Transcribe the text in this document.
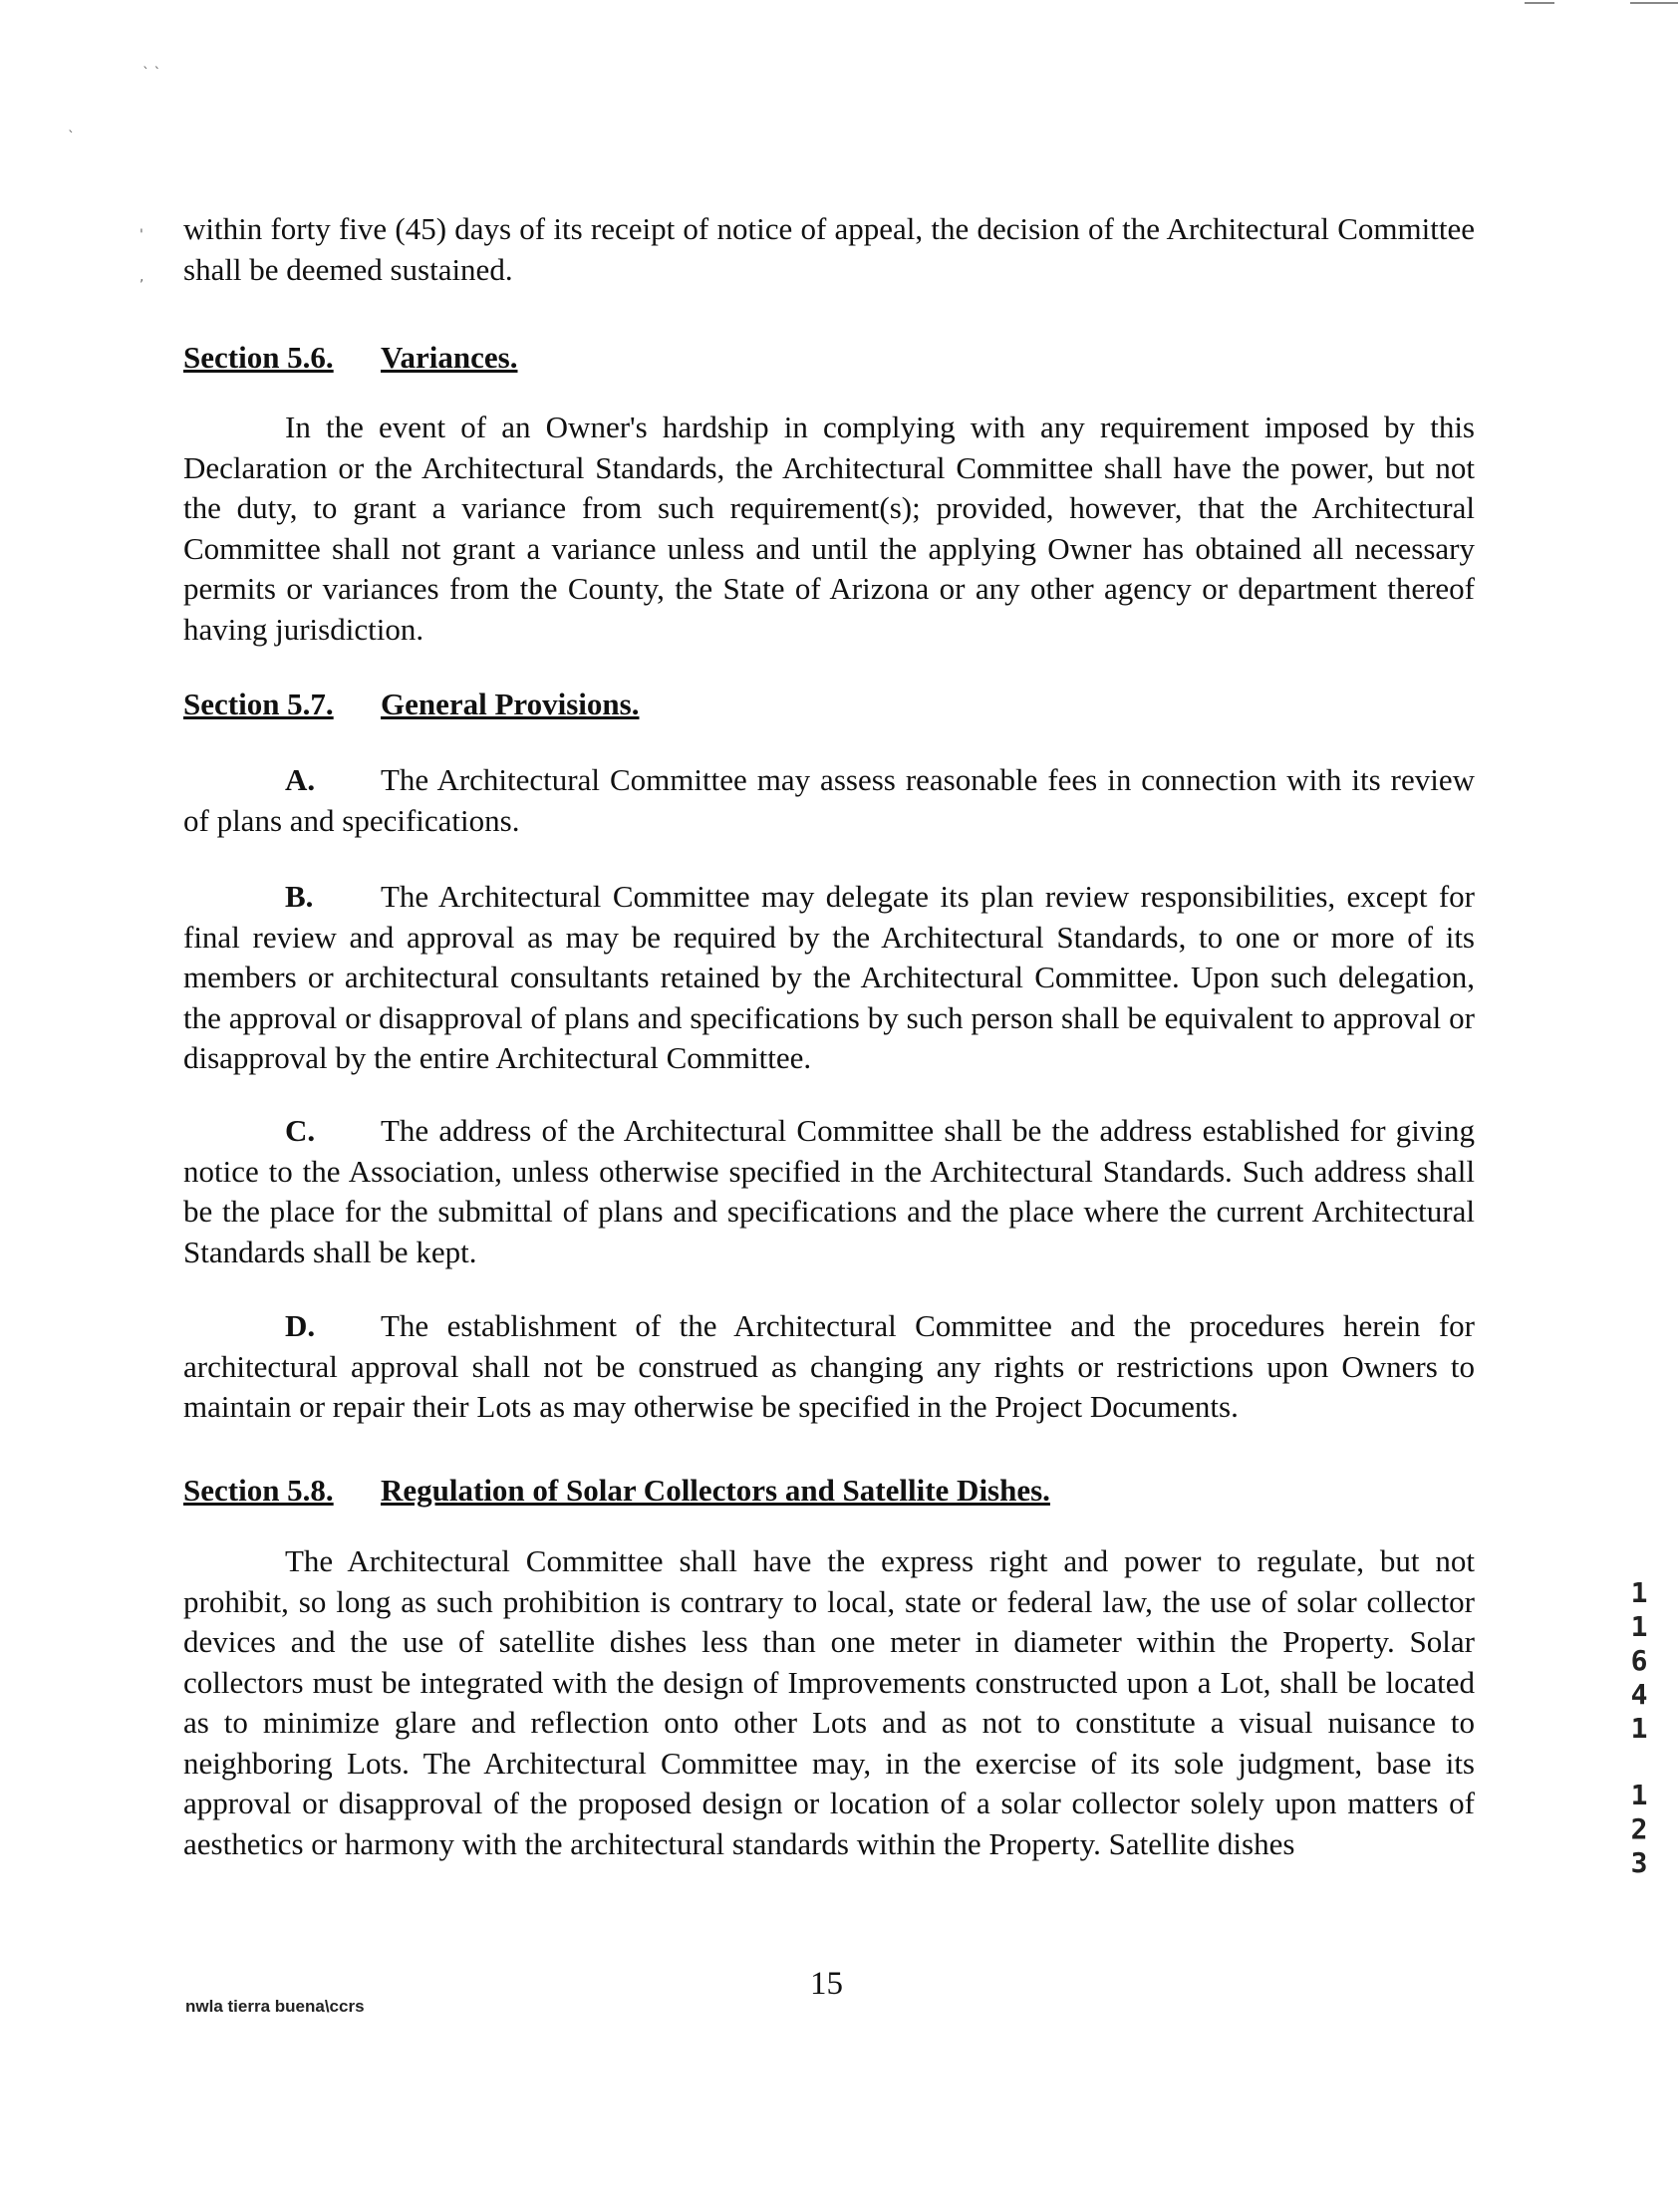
` `
`
'
,

within forty five (45) days of its receipt of notice of appeal, the decision of the Architectural Committee shall be deemed sustained.

Section 5.6. Variances.

In the event of an Owner's hardship in complying with any requirement imposed by this Declaration or the Architectural Standards, the Architectural Committee shall have the power, but not the duty, to grant a variance from such requirement(s); provided, however, that the Architectural Committee shall not grant a variance unless and until the applying Owner has obtained all necessary permits or variances from the County, the State of Arizona or any other agency or department thereof having jurisdiction.

Section 5.7. General Provisions.

A. The Architectural Committee may assess reasonable fees in connection with its review of plans and specifications.

B. The Architectural Committee may delegate its plan review responsibilities, except for final review and approval as may be required by the Architectural Standards, to one or more of its members or architectural consultants retained by the Architectural Committee. Upon such delegation, the approval or disapproval of plans and specifications by such person shall be equivalent to approval or disapproval by the entire Architectural Committee.

C. The address of the Architectural Committee shall be the address established for giving notice to the Association, unless otherwise specified in the Architectural Standards. Such address shall be the place for the submittal of plans and specifications and the place where the current Architectural Standards shall be kept.

D. The establishment of the Architectural Committee and the procedures herein for architectural approval shall not be construed as changing any rights or restrictions upon Owners to maintain or repair their Lots as may otherwise be specified in the Project Documents.

Section 5.8. Regulation of Solar Collectors and Satellite Dishes.

The Architectural Committee shall have the express right and power to regulate, but not prohibit, so long as such prohibition is contrary to local, state or federal law, the use of solar collector devices and the use of satellite dishes less than one meter in diameter within the Property. Solar collectors must be integrated with the design of Improvements constructed upon a Lot, shall be located as to minimize glare and reflection onto other Lots and as not to constitute a visual nuisance to neighboring Lots. The Architectural Committee may, in the exercise of its sole judgment, base its approval or disapproval of the proposed design or location of a solar collector solely upon matters of aesthetics or harmony with the architectural standards within the Property. Satellite dishes

1
1
6
4
1
1
2
3
15
nwla tierra buena\ccrs
